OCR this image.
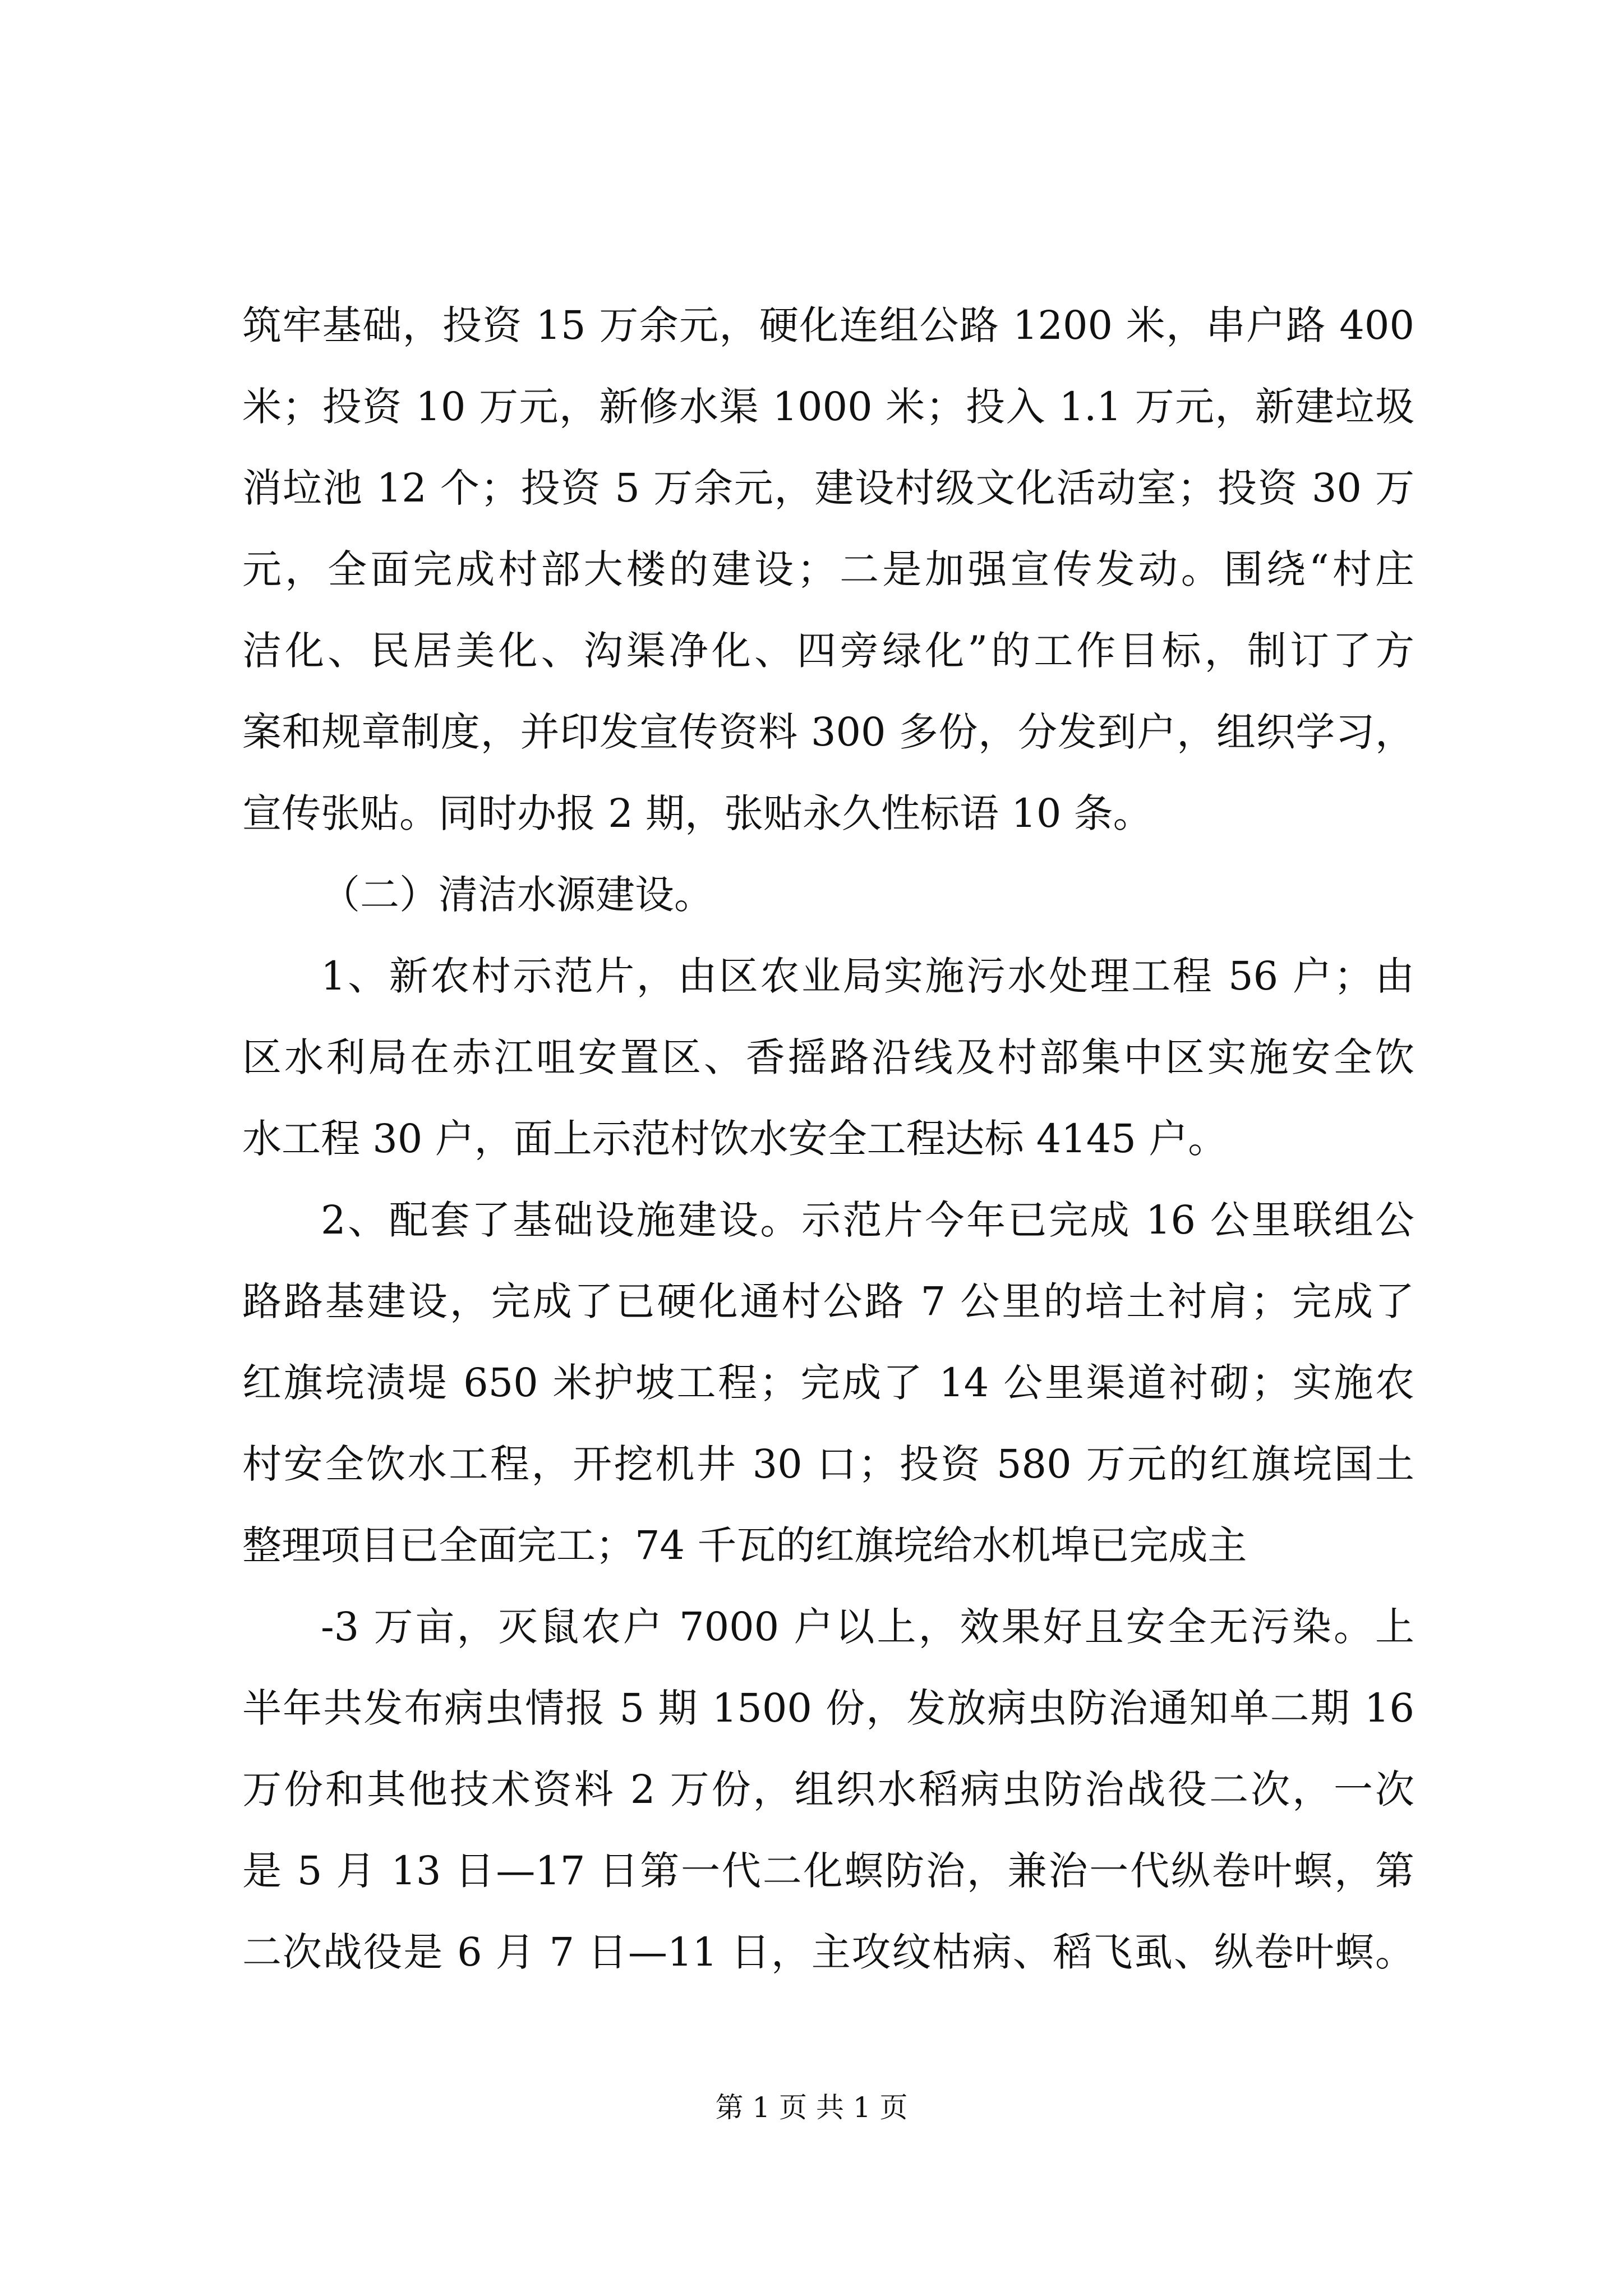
筑牢基础，投资 15 万余元，硬化连组公路 1200 米，串户路 400
米；投资 10 万元，新修水渠 1000 米；投入 1.1 万元，新建垃圾
消垃池 12 个；投资 5 万余元，建设村级文化活动室；投资 30 万
元，全面完成村部大楼的建设；二是加强宣传发动。围绕“村庄
洁化、民居美化、沟渠净化、四旁绿化”的工作目标，制订了方
案和规章制度，并印发宣传资料 300 多份，分发到户，组织学习，
宣传张贴。同时办报 2 期，张贴永久性标语 10 条。
（二）清洁水源建设。
1、新农村示范片，由区农业局实施污水处理工程 56 户；由
区水利局在赤江咀安置区、香摇路沿线及村部集中区实施安全饮
水工程 30 户，面上示范村饮水安全工程达标 4145 户。
2、配套了基础设施建设。示范片今年已完成 16 公里联组公
路路基建设，完成了已硬化通村公路 7 公里的培土衬肩；完成了
红旗垸渍堤 650 米护坡工程；完成了 14 公里渠道衬砌；实施农
村安全饮水工程，开挖机井 30 口；投资 580 万元的红旗垸国土
整理项目已全面完工；74 千瓦的红旗垸给水机埠已完成主
-3 万亩，灭鼠农户 7000 户以上，效果好且安全无污染。上
半年共发布病虫情报 5 期 1500 份，发放病虫防治通知单二期 16
万份和其他技术资料 2 万份，组织水稻病虫防治战役二次，一次
是 5 月 13 日—17 日第一代二化螟防治，兼治一代纵卷叶螟，第
二次战役是 6 月 7 日—11 日，主攻纹枯病、稻飞虱、纵卷叶螟。
第 1 页 共 1 页
